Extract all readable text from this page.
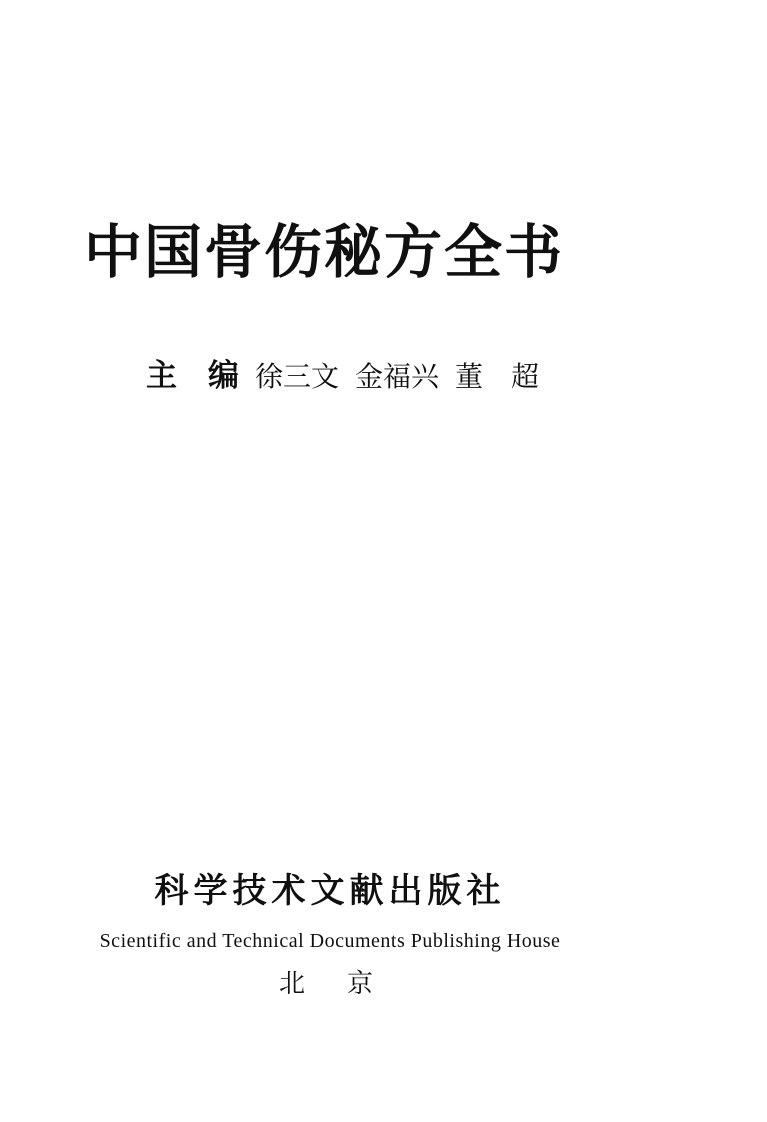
中国骨伤秘方全书
主　编 徐三文 金福兴 董　超
科学技术文献出版社
Scientific and Technical Documents Publishing House
北　京
